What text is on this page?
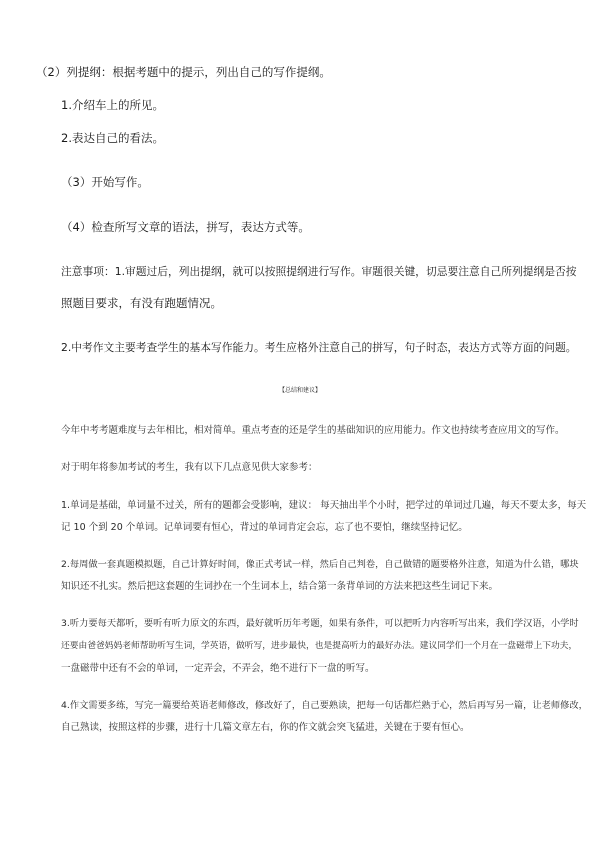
（2）列提纲：根据考题中的提示，列出自己的写作提纲。

1.介绍车上的所见。

2.表达自己的看法。

（3）开始写作。

（4）检查所写文章的语法，拼写，表达方式等。

注意事项：1.审题过后，列出提纲，就可以按照提纲进行写作。审题很关键，切忌要注意自己所列提纲是否按

照题目要求，有没有跑题情况。

2.中考作文主要考查学生的基本写作能力。考生应格外注意自己的拼写，句子时态，表达方式等方面的问题。

【总结和建议】

今年中考考题难度与去年相比，相对简单。重点考查的还是学生的基础知识的应用能力。作文也持续考查应用文的写作。

对于明年将参加考试的考生，我有以下几点意见供大家参考：

1.单词是基础，单词量不过关，所有的题都会受影响，建议： 每天抽出半个小时，把学过的单词过几遍，每天不要太多，每天

记 10 个到 20 个单词。记单词要有恒心，背过的单词肯定会忘，忘了也不要怕，继续坚持记忆。

2.每周做一套真题模拟题，自己计算好时间，像正式考试一样，然后自己判卷，自己做错的题要格外注意，知道为什么错，哪块

知识还不扎实。然后把这套题的生词抄在一个生词本上，结合第一条背单词的方法来把这些生词记下来。

3.听力要每天都听，要听有听力原文的东西，最好就听历年考题，如果有条件，可以把听力内容听写出来，我们学汉语，小学时

还要由爸爸妈妈老师帮助听写生词，学英语，做听写，进步最快，也是提高听力的最好办法。建议同学们一个月在一盘磁带上下功夫，

一盘磁带中还有不会的单词，一定弄会，不弄会，绝不进行下一盘的听写。

4.作文需要多练，写完一篇要给英语老师修改，修改好了，自己要熟读，把每一句话都烂熟于心，然后再写另一篇，让老师修改，

自己熟读，按照这样的步骤，进行十几篇文章左右，你的作文就会突飞猛进，关键在于要有恒心。
